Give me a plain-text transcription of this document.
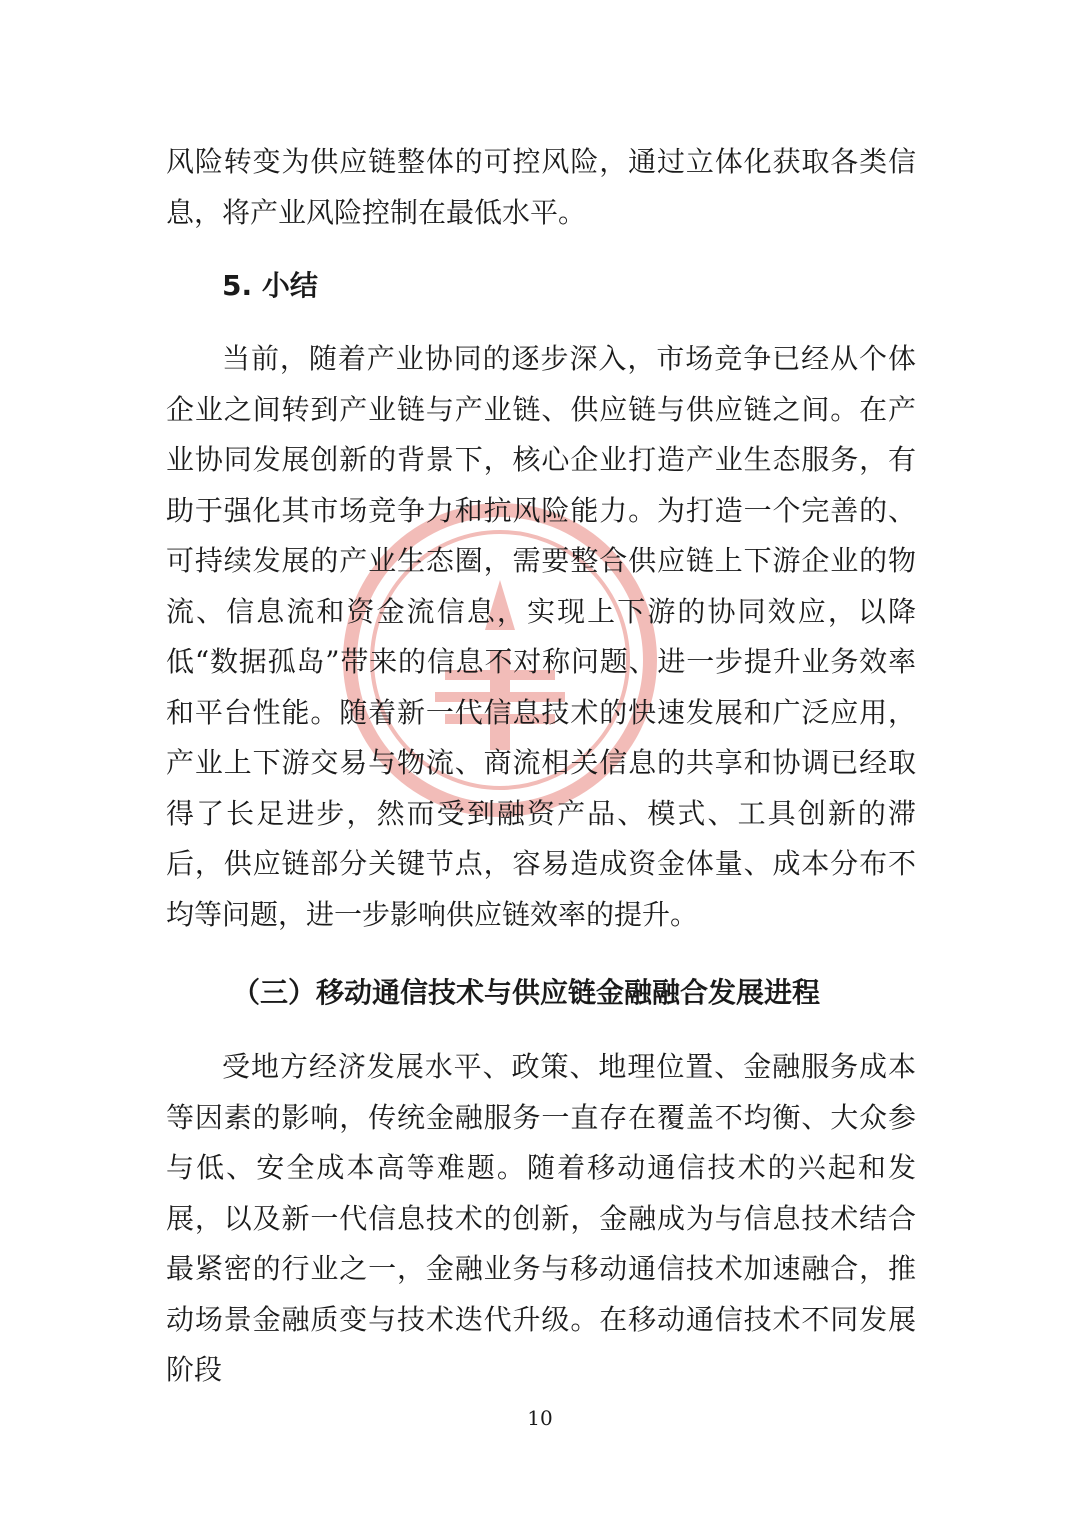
风险转变为供应链整体的可控风险，通过立体化获取各类信息，将产业风险控制在最低水平。

5. 小结

当前，随着产业协同的逐步深入，市场竞争已经从个体企业之间转到产业链与产业链、供应链与供应链之间。在产业协同发展创新的背景下，核心企业打造产业生态服务，有助于强化其市场竞争力和抗风险能力。为打造一个完善的、可持续发展的产业生态圈，需要整合供应链上下游企业的物流、信息流和资金流信息，实现上下游的协同效应，以降低“数据孤岛”带来的信息不对称问题、进一步提升业务效率和平台性能。随着新一代信息技术的快速发展和广泛应用，产业上下游交易与物流、商流相关信息的共享和协调已经取得了长足进步，然而受到融资产品、模式、工具创新的滞后，供应链部分关键节点，容易造成资金体量、成本分布不均等问题，进一步影响供应链效率的提升。

（三）移动通信技术与供应链金融融合发展进程

受地方经济发展水平、政策、地理位置、金融服务成本等因素的影响，传统金融服务一直存在覆盖不均衡、大众参与低、安全成本高等难题。随着移动通信技术的兴起和发展，以及新一代信息技术的创新，金融成为与信息技术结合最紧密的行业之一，金融业务与移动通信技术加速融合，推动场景金融质变与技术迭代升级。在移动通信技术不同发展阶段

10
